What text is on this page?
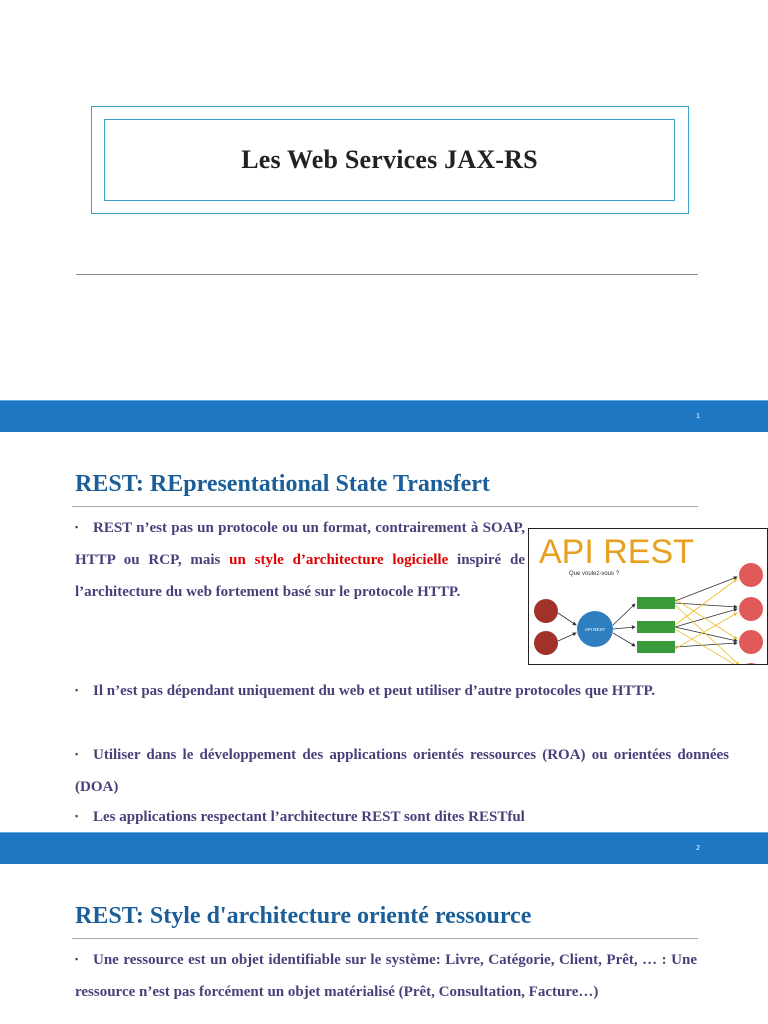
Les Web Services JAX-RS
1
REST: REpresentational State Transfert

▪REST n’est pas un protocole ou un format, contrairement à SOAP, HTTP ou RCP, mais un style d’architecture logicielle inspiré de l’architecture du web fortement basé sur le protocole HTTP.

API REST
Que voulez-vous ?
API REST

▪Il n’est pas dépendant uniquement du web et peut utiliser d’autre protocoles que HTTP.

▪Utiliser dans le développement des applications orientés ressources (ROA) ou orientées données (DOA)

▪Les applications respectant l’architecture REST sont dites RESTful

2
REST: Style d'architecture orienté ressource

▪Une ressource est un objet identifiable sur le système: Livre, Catégorie, Client, Prêt, … : Une ressource n’est pas forcément un objet matérialisé (Prêt, Consultation, Facture…)
